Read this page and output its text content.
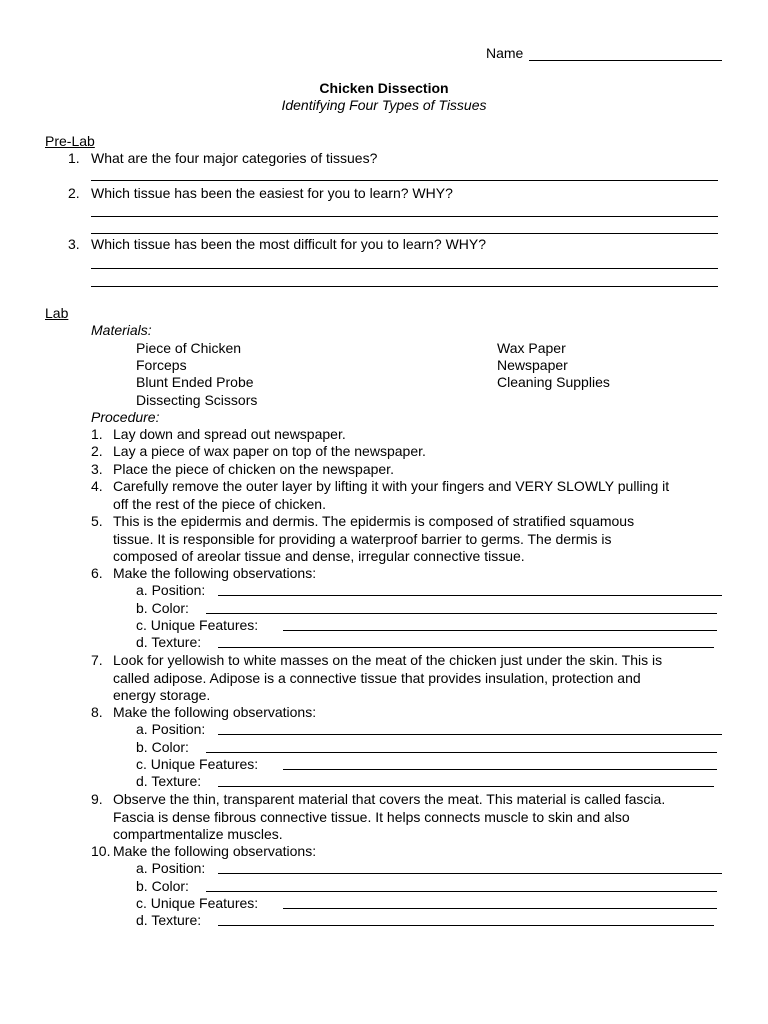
Name
Chicken Dissection
Identifying Four Types of Tissues
Pre-Lab
1. What are the four major categories of tissues?
2. Which tissue has been the easiest for you to learn? WHY?
3. Which tissue has been the most difficult for you to learn? WHY?
Lab
Materials:
Piece of Chicken
Forceps
Blunt Ended Probe
Dissecting Scissors
Wax Paper
Newspaper
Cleaning Supplies
Procedure:
1. Lay down and spread out newspaper.
2. Lay a piece of wax paper on top of the newspaper.
3. Place the piece of chicken on the newspaper.
4. Carefully remove the outer layer by lifting it with your fingers and VERY SLOWLY pulling it
off the rest of the piece of chicken.
5. This is the epidermis and dermis. The epidermis is composed of stratified squamous
tissue. It is responsible for providing a waterproof barrier to germs. The dermis is
composed of areolar tissue and dense, irregular connective tissue.
6. Make the following observations:
a. Position:
b. Color:
c. Unique Features:
d. Texture:
7. Look for yellowish to white masses on the meat of the chicken just under the skin. This is
called adipose. Adipose is a connective tissue that provides insulation, protection and
energy storage.
8. Make the following observations:
a. Position:
b. Color:
c. Unique Features:
d. Texture:
9. Observe the thin, transparent material that covers the meat. This material is called fascia.
Fascia is dense fibrous connective tissue. It helps connects muscle to skin and also
compartmentalize muscles.
10. Make the following observations:
a. Position:
b. Color:
c. Unique Features:
d. Texture:
